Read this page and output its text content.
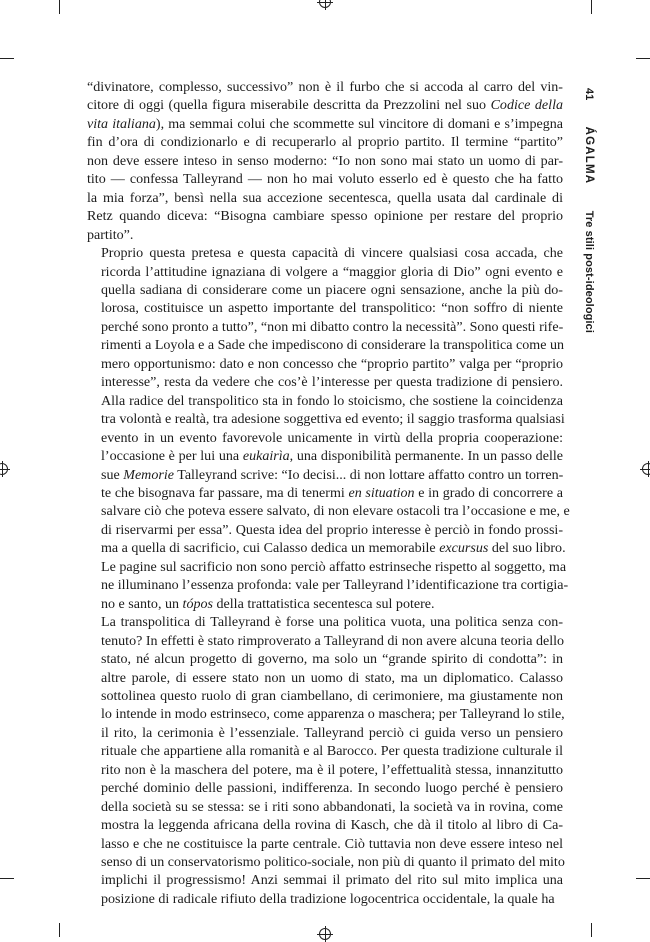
41
ÁGALMA
Tre stili post-ideologici

“divinatore, complesso, successivo” non è il furbo che si accoda al carro del vin-
citore di oggi (quella figura miserabile descritta da Prezzolini nel suo Codice della
vita italiana), ma semmai colui che scommette sul vincitore di domani e s’impegna
fin d’ora di condizionarlo e di recuperarlo al proprio partito. Il termine “partito”
non deve essere inteso in senso moderno: “Io non sono mai stato un uomo di par-
tito — confessa Talleyrand — non ho mai voluto esserlo ed è questo che ha fatto
la mia forza”, bensì nella sua accezione secentesca, quella usata dal cardinale di
Retz quando diceva: “Bisogna cambiare spesso opinione per restare del proprio
partito”.

Proprio questa pretesa e questa capacità di vincere qualsiasi cosa accada, che
ricorda l’attitudine ignaziana di volgere a “maggior gloria di Dio” ogni evento e
quella sadiana di considerare come un piacere ogni sensazione, anche la più do-
lorosa, costituisce un aspetto importante del transpolitico: “non soffro di niente
perché sono pronto a tutto”, “non mi dibatto contro la necessità”. Sono questi rife-
rimenti a Loyola e a Sade che impediscono di considerare la transpolitica come un
mero opportunismo: dato e non concesso che “proprio partito” valga per “proprio
interesse”, resta da vedere che cos’è l’interesse per questa tradizione di pensiero.
Alla radice del transpolitico sta in fondo lo stoicismo, che sostiene la coincidenza
tra volontà e realtà, tra adesione soggettiva ed evento; il saggio trasforma qualsiasi
evento in un evento favorevole unicamente in virtù della propria cooperazione:
l’occasione è per lui una eukairìa, una disponibilità permanente. In un passo delle
sue Memorie Talleyrand scrive: “Io decisi... di non lottare affatto contro un torren-
te che bisognava far passare, ma di tenermi en situation e in grado di concorrere a
salvare ciò che poteva essere salvato, di non elevare ostacoli tra l’occasione e me, e
di riservarmi per essa”. Questa idea del proprio interesse è perciò in fondo prossi-
ma a quella di sacrificio, cui Calasso dedica un memorabile excursus del suo libro.
Le pagine sul sacrificio non sono perciò affatto estrinseche rispetto al soggetto, ma
ne illuminano l’essenza profonda: vale per Talleyrand l’identificazione tra cortigia-
no e santo, un tópos della trattatistica secentesca sul potere.

La transpolitica di Talleyrand è forse una politica vuota, una politica senza con-
tenuto? In effetti è stato rimproverato a Talleyrand di non avere alcuna teoria dello
stato, né alcun progetto di governo, ma solo un “grande spirito di condotta”: in
altre parole, di essere stato non un uomo di stato, ma un diplomatico. Calasso
sottolinea questo ruolo di gran ciambellano, di cerimoniere, ma giustamente non
lo intende in modo estrinseco, come apparenza o maschera; per Talleyrand lo stile,
il rito, la cerimonia è l’essenziale. Talleyrand perciò ci guida verso un pensiero
rituale che appartiene alla romanità e al Barocco. Per questa tradizione culturale il
rito non è la maschera del potere, ma è il potere, l’effettualità stessa, innanzitutto
perché dominio delle passioni, indifferenza. In secondo luogo perché è pensiero
della società su se stessa: se i riti sono abbandonati, la società va in rovina, come
mostra la leggenda africana della rovina di Kasch, che dà il titolo al libro di Ca-
lasso e che ne costituisce la parte centrale. Ciò tuttavia non deve essere inteso nel
senso di un conservatorismo politico-sociale, non più di quanto il primato del mito
implichi il progressismo! Anzi semmai il primato del rito sul mito implica una
posizione di radicale rifiuto della tradizione logocentrica occidentale, la quale ha
